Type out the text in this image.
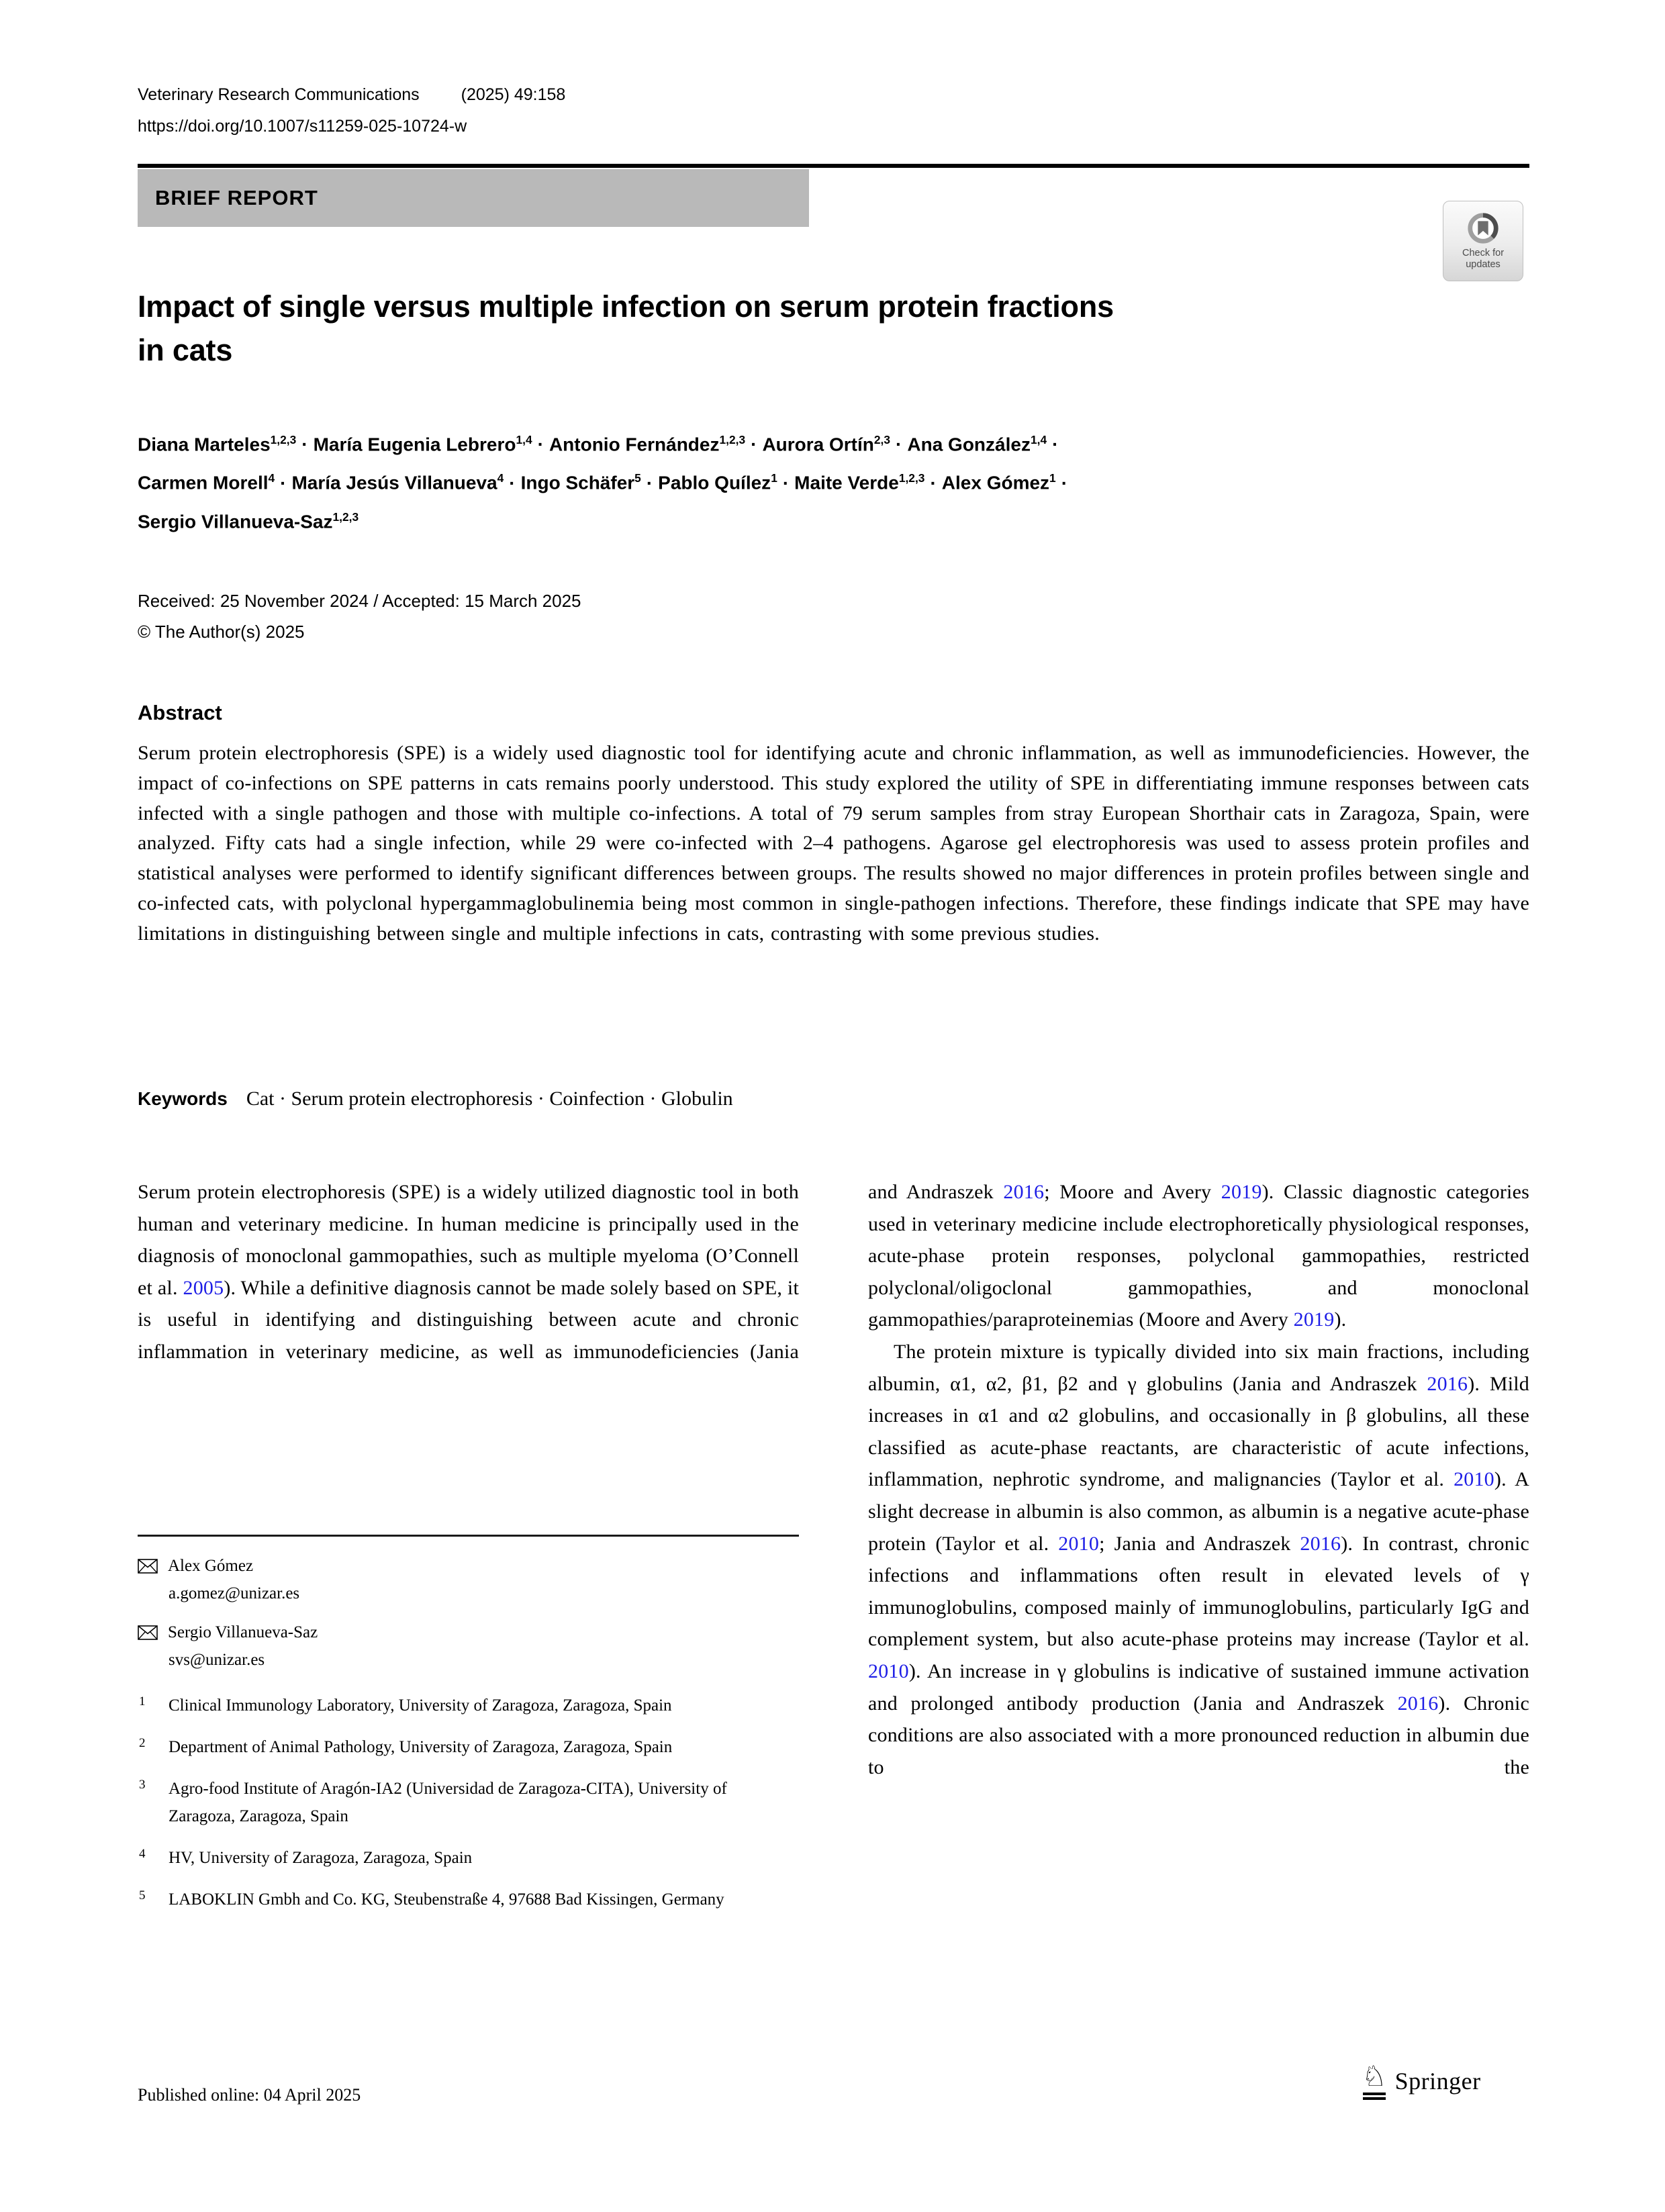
Veterinary Research Communications (2025) 49:158
https://doi.org/10.1007/s11259-025-10724-w
BRIEF REPORT
Check for
updates
Impact of single versus multiple infection on serum protein fractions
in cats
Diana Marteles$^{1,2,3}$ · María Eugenia Lebrero$^{1,4}$ · Antonio Fernández$^{1,2,3}$ · Aurora Ortín$^{2,3}$ · Ana González$^{1,4}$ ·
Carmen Morell$^4$ · María Jesús Villanueva$^4$ · Ingo Schäfer$^5$ · Pablo Quílez$^1$ · Maite Verde$^{1,2,3}$ · Alex Gómez$^1$ ·
Sergio Villanueva-Saz$^{1,2,3}$
Received: 25 November 2024 / Accepted: 15 March 2025
© The Author(s) 2025
Abstract

Serum protein electrophoresis (SPE) is a widely used diagnostic tool for identifying acute and chronic inflammation, as well as immunodeficiencies. However, the impact of co-infections on SPE patterns in cats remains poorly understood. This study explored the utility of SPE in differentiating immune responses between cats infected with a single pathogen and those with multiple co-infections. A total of 79 serum samples from stray European Shorthair cats in Zaragoza, Spain, were analyzed. Fifty cats had a single infection, while 29 were co-infected with 2–4 pathogens. Agarose gel electrophoresis was used to assess protein profiles and statistical analyses were performed to identify significant differences between groups. The results showed no major differences in protein profiles between single and co-infected cats, with polyclonal hypergammaglobulinemia being most common in single-pathogen infections. Therefore, these findings indicate that SPE may have limitations in distinguishing between single and multiple infections in cats, contrasting with some previous studies.

Keywords Cat · Serum protein electrophoresis · Coinfection · Globulin

Serum protein electrophoresis (SPE) is a widely utilized diagnostic tool in both human and veterinary medicine. In human medicine is principally used in the diagnosis of monoclonal gammopathies, such as multiple myeloma (O’Connell et al. 2005). While a definitive diagnosis cannot be made solely based on SPE, it is useful in identifying and distinguishing between acute and chronic inflammation in veterinary medicine, as well as immunodeficiencies (Jania

and Andraszek 2016; Moore and Avery 2019). Classic diagnostic categories used in veterinary medicine include electrophoretically physiological responses, acute-phase protein responses, polyclonal gammopathies, restricted polyclonal/oligoclonal gammopathies, and monoclonal gammopathies/paraproteinemias (Moore and Avery 2019).

The protein mixture is typically divided into six main fractions, including albumin, α1, α2, β1, β2 and γ globulins (Jania and Andraszek 2016). Mild increases in α1 and α2 globulins, and occasionally in β globulins, all these classified as acute-phase reactants, are characteristic of acute infections, inflammation, nephrotic syndrome, and malignancies (Taylor et al. 2010). A slight decrease in albumin is also common, as albumin is a negative acute-phase protein (Taylor et al. 2010; Jania and Andraszek 2016). In contrast, chronic infections and inflammations often result in elevated levels of γ immunoglobulins, composed mainly of immunoglobulins, particularly IgG and complement system, but also acute-phase proteins may increase (Taylor et al. 2010). An increase in γ globulins is indicative of sustained immune activation and prolonged antibody production (Jania and Andraszek 2016). Chronic conditions are also associated with a more pronounced reduction in albumin due to the

Alex Gómez
a.gomez@unizar.es
Sergio Villanueva-Saz
svs@unizar.es
1 Clinical Immunology Laboratory, University of Zaragoza, Zaragoza, Spain
2 Department of Animal Pathology, University of Zaragoza, Zaragoza, Spain
3 Agro-food Institute of Aragón-IA2 (Universidad de Zaragoza-CITA), University of Zaragoza, Zaragoza, Spain
4 HV, University of Zaragoza, Zaragoza, Spain
5 LABOKLIN Gmbh and Co. KG, Steubenstraße 4, 97688 Bad Kissingen, Germany
Published online: 04 April 2025
♘ Springer
